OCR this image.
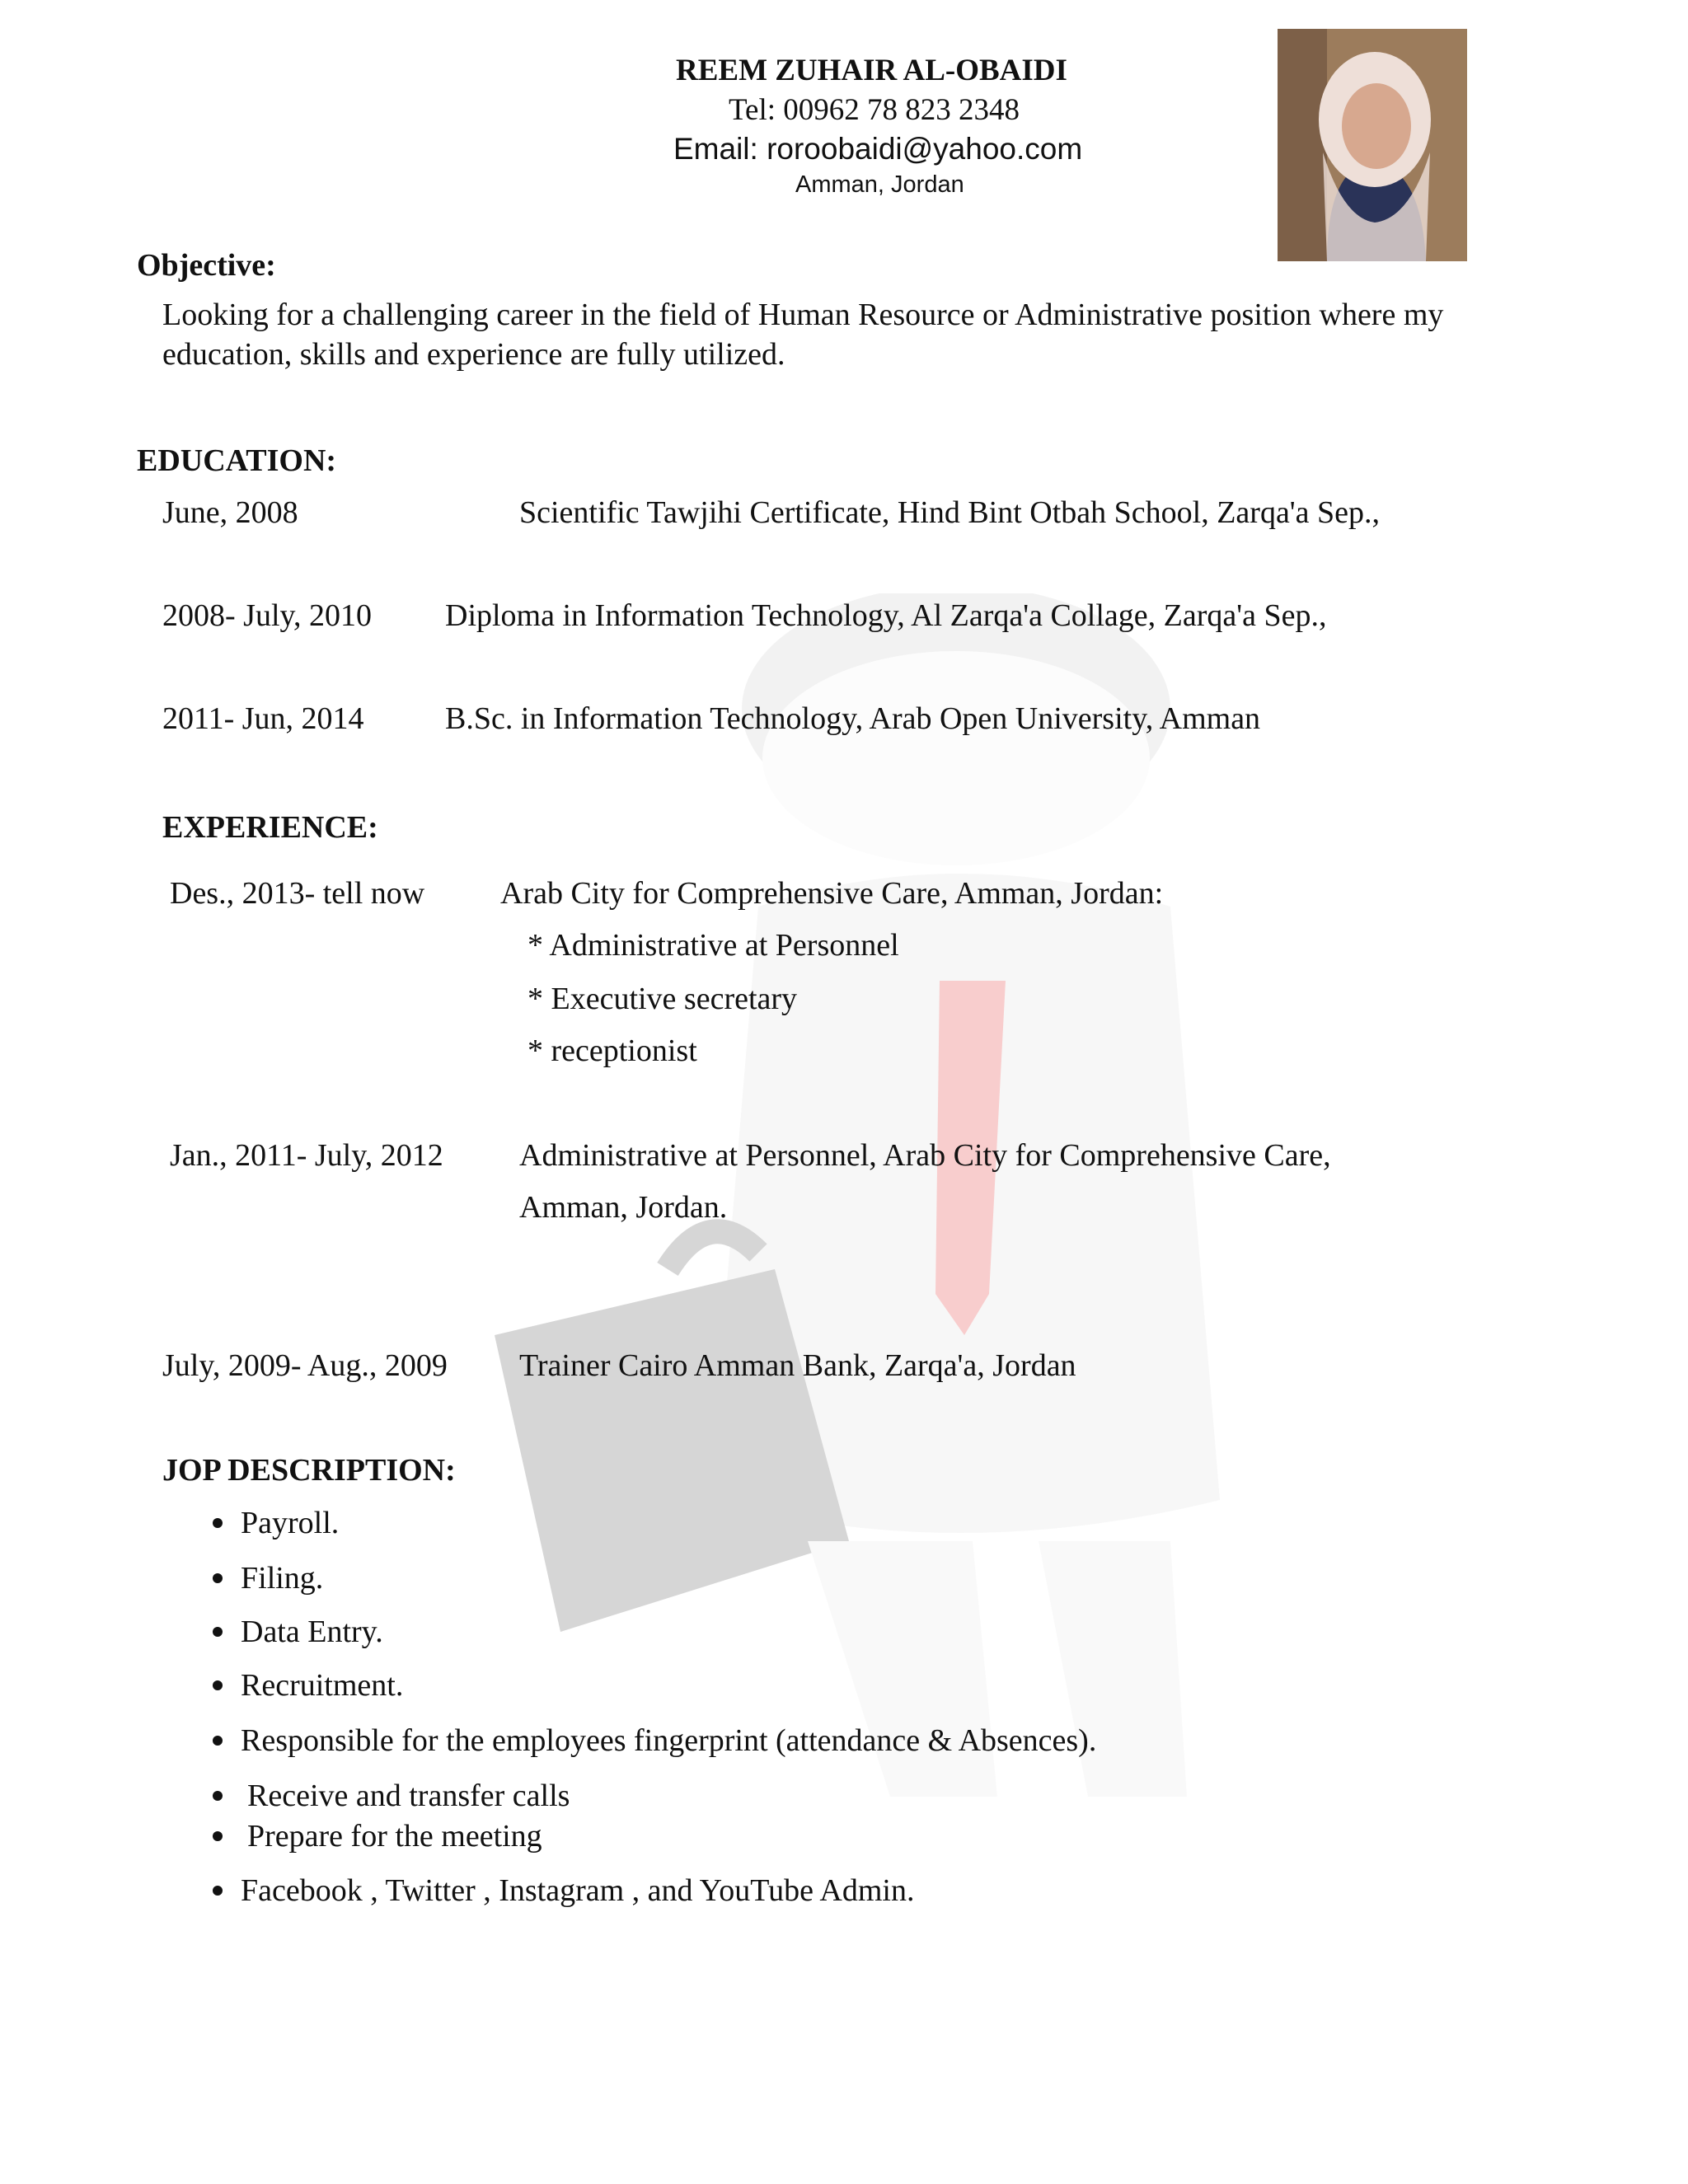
REEM ZUHAIR AL-OBAIDI
Tel: 00962 78 823 2348
Email: roroobaidi@yahoo.com
Amman, Jordan
Objective:
Looking for a challenging career in the field of Human Resource or Administrative position where my
education, skills and experience are fully utilized.
EDUCATION:
June, 2008	Scientific Tawjihi Certificate, Hind Bint Otbah School, Zarqa'a Sep.,
2008- July, 2010 Diploma in Information Technology, Al Zarqa'a Collage, Zarqa'a Sep.,
2011- Jun, 2014	B.Sc. in Information Technology, Arab Open University, Amman
EXPERIENCE:
Des., 2013- tell now Arab City for Comprehensive Care, Amman, Jordan:
* Administrative at Personnel
* Executive secretary
* receptionist
Jan., 2011- July, 2012 Administrative at Personnel, Arab City for Comprehensive Care,
Amman, Jordan.
July, 2009- Aug., 2009 Trainer Cairo Amman Bank, Zarqa'a, Jordan
JOP DESCRIPTION:
Payroll.
Filing.
Data Entry.
Recruitment.
Responsible for the employees fingerprint (attendance & Absences).
Receive and transfer calls
Prepare for the meeting
Facebook , Twitter , Instagram , and YouTube Admin.
